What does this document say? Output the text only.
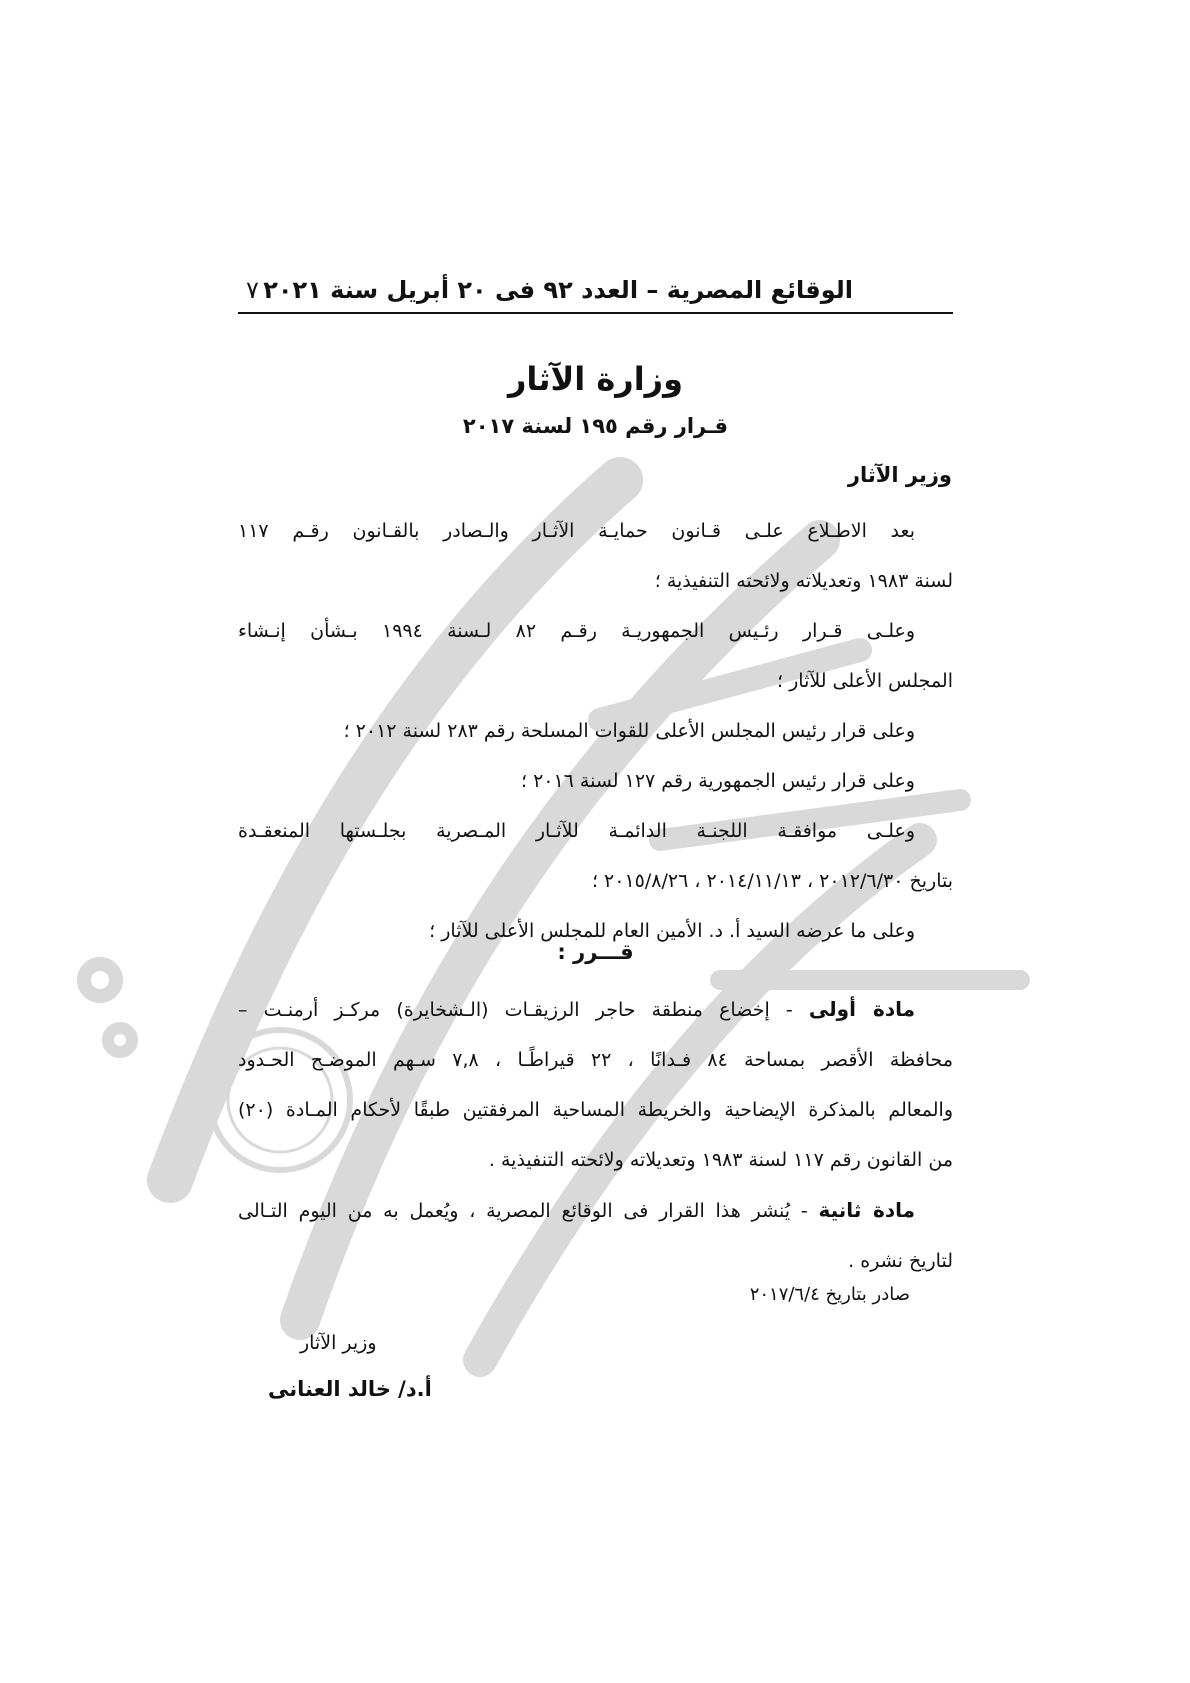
الوقائع المصرية – العدد ٩٢ فى ٢٠ أبريل سنة ٢٠٢١
٧
وزارة الآثار
قـرار رقم ١٩٥ لسنة ٢٠١٧
وزير الآثار

بعد الاطـلاع علـى قـانون حمايـة الآثـار والـصادر بالقـانون رقـم ١١٧

لسنة ١٩٨٣ وتعديلاته ولائحته التنفيذية ؛

وعلـى قـرار رئـيس الجمهوريـة رقـم ٨٢ لـسنة ١٩٩٤ بـشأن إنـشاء

المجلس الأعلى للآثار ؛

وعلى قرار رئيس المجلس الأعلى للقوات المسلحة رقم ٢٨٣ لسنة ٢٠١٢ ؛

وعلى قرار رئيس الجمهورية رقم ١٢٧ لسنة ٢٠١٦ ؛

وعلـى موافقـة اللجنـة الدائمـة للآثـار المـصرية بجلـستها المنعقـدة

بتاريخ ٢٠١٢/٦/٣٠ ، ٢٠١٤/١١/١٣ ، ٢٠١٥/٨/٢٦ ؛

وعلى ما عرضه السيد أ. د. الأمين العام للمجلس الأعلى للآثار ؛

قـــرر :

مادة أولى - إخضاع منطقة حاجر الرزيقـات (الـشخايرة) مركـز أرمنـت –

محافظة الأقصر بمساحة ٨٤ فـدانًا ، ٢٢ قيراطًـا ، ٧,٨ سـهم الموضـح الحـدود

والمعالم بالمذكرة الإيضاحية والخريطة المساحية المرفقتين طبقًا لأحكام المـادة (٢٠)

من القانون رقم ١١٧ لسنة ١٩٨٣ وتعديلاته ولائحته التنفيذية .

مادة ثانية - يُنشر هذا القرار فى الوقائع المصرية ، ويُعمل به من اليوم التـالى

لتاريخ نشره .

صادر بتاريخ ٢٠١٧/٦/٤
وزير الآثار
أ.د/ خالد العنانى
